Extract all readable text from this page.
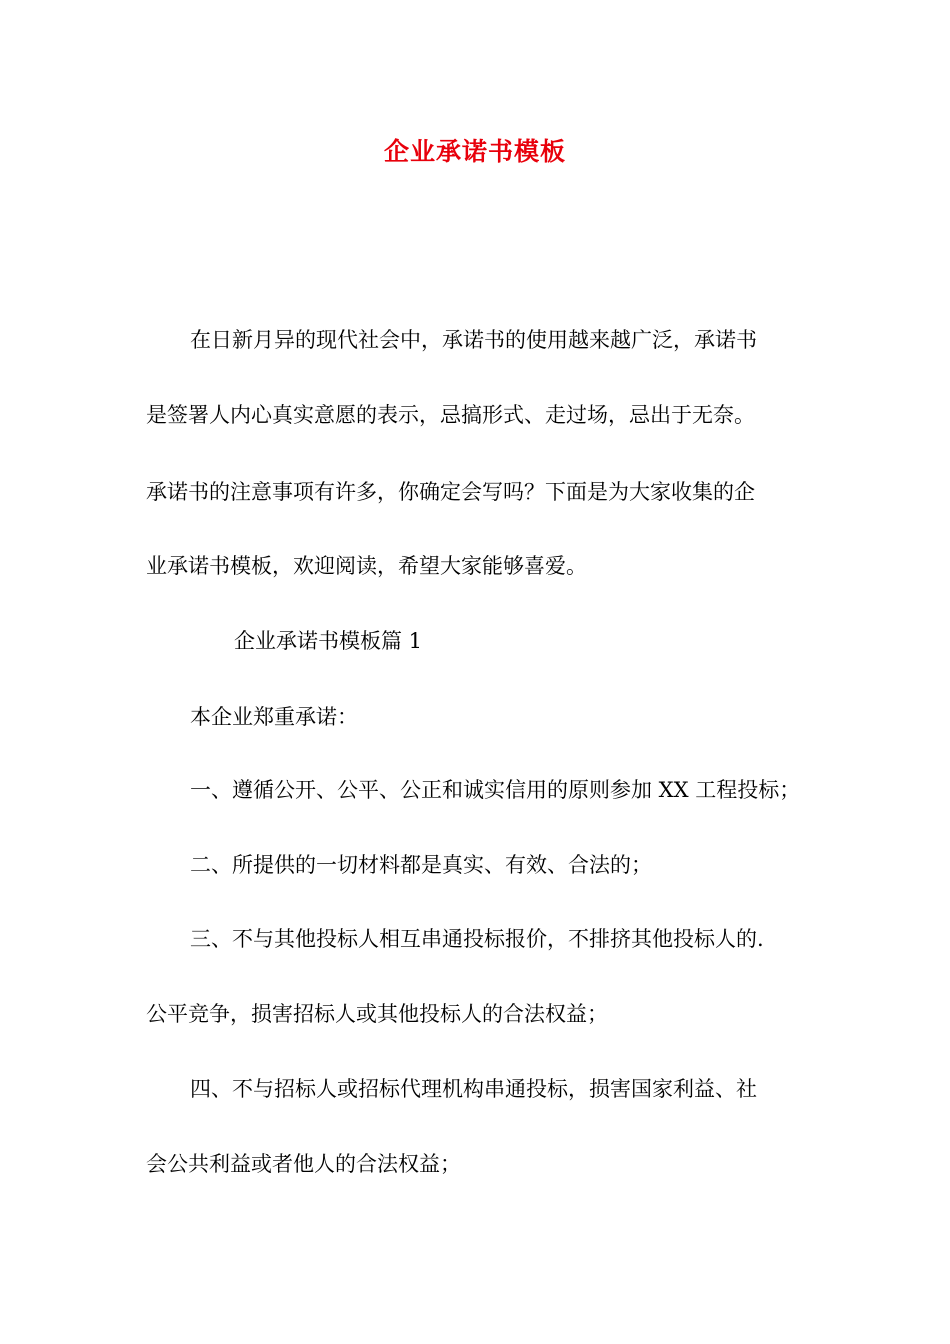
企业承诺书模板
在日新月异的现代社会中，承诺书的使用越来越广泛，承诺书
是签署人内心真实意愿的表示，忌搞形式、走过场，忌出于无奈。
承诺书的注意事项有许多，你确定会写吗？下面是为大家收集的企
业承诺书模板，欢迎阅读，希望大家能够喜爱。
企业承诺书模板篇 1
本企业郑重承诺：
一、遵循公开、公平、公正和诚实信用的原则参加 XX 工程投标；
二、所提供的一切材料都是真实、有效、合法的；
三、不与其他投标人相互串通投标报价，不排挤其他投标人的.
公平竞争，损害招标人或其他投标人的合法权益；
四、不与招标人或招标代理机构串通投标，损害国家利益、社
会公共利益或者他人的合法权益；
